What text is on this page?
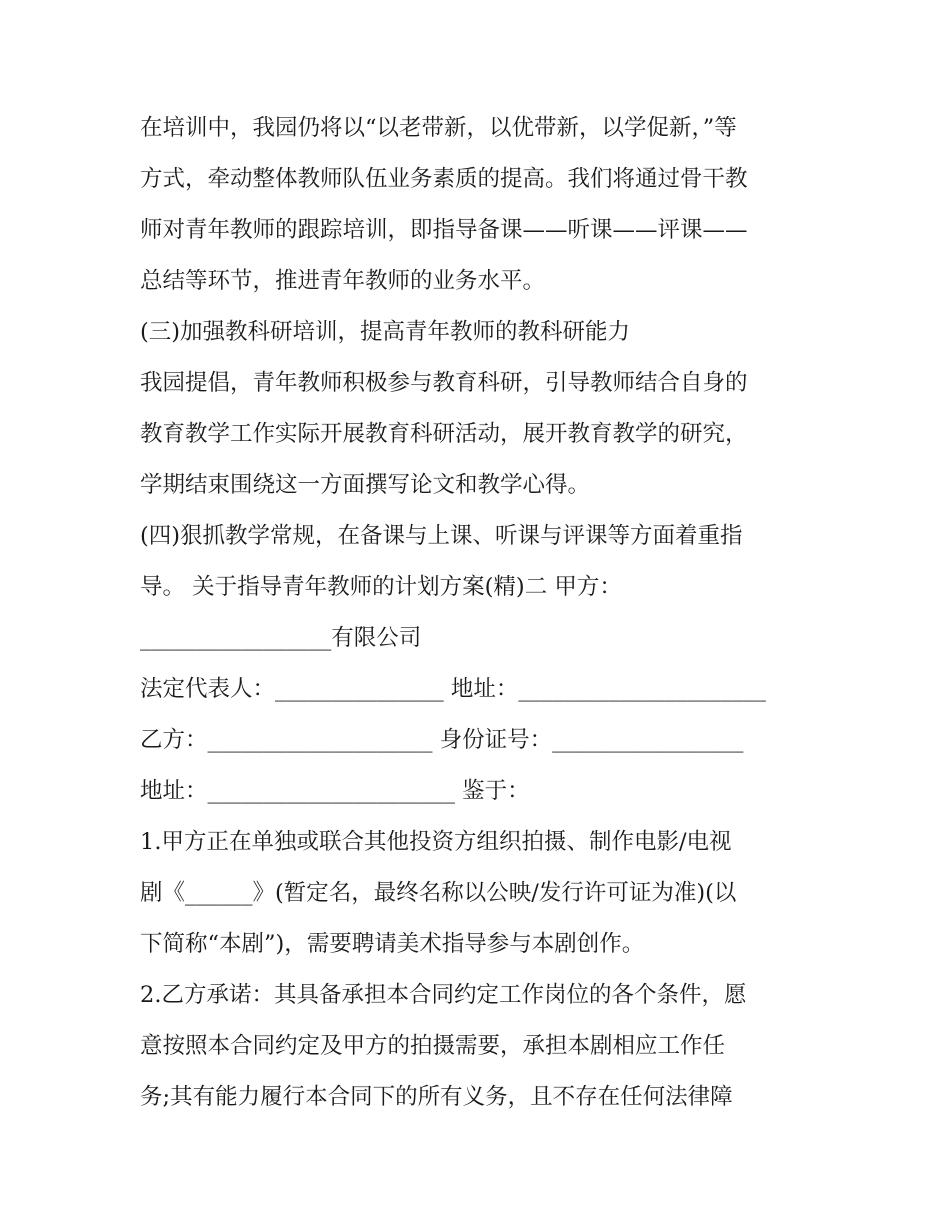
在培训中，我园仍将以“以老带新，以优带新，以学促新，”等
方式，牵动整体教师队伍业务素质的提高。我们将通过骨干教
师对青年教师的跟踪培训，即指导备课——听课——评课——
总结等环节，推进青年教师的业务水平。
(三)加强教科研培训，提高青年教师的教科研能力
我园提倡，青年教师积极参与教育科研，引导教师结合自身的
教育教学工作实际开展教育科研活动，展开教育教学的研究，
学期结束围绕这一方面撰写论文和教学心得。
(四)狠抓教学常规，在备课与上课、听课与评课等方面着重指
导。 关于指导青年教师的计划方案(精)二 甲方：
_________________有限公司
法定代表人：_______________ 地址：______________________
乙方：____________________ 身份证号：_________________
地址：______________________ 鉴于：
1.甲方正在单独或联合其他投资方组织拍摄、制作电影/电视
剧《______》(暂定名，最终名称以公映/发行许可证为准)(以
下简称“本剧”)，需要聘请美术指导参与本剧创作。
2.乙方承诺：其具备承担本合同约定工作岗位的各个条件，愿
意按照本合同约定及甲方的拍摄需要，承担本剧相应工作任
务;其有能力履行本合同下的所有义务，且不存在任何法律障
